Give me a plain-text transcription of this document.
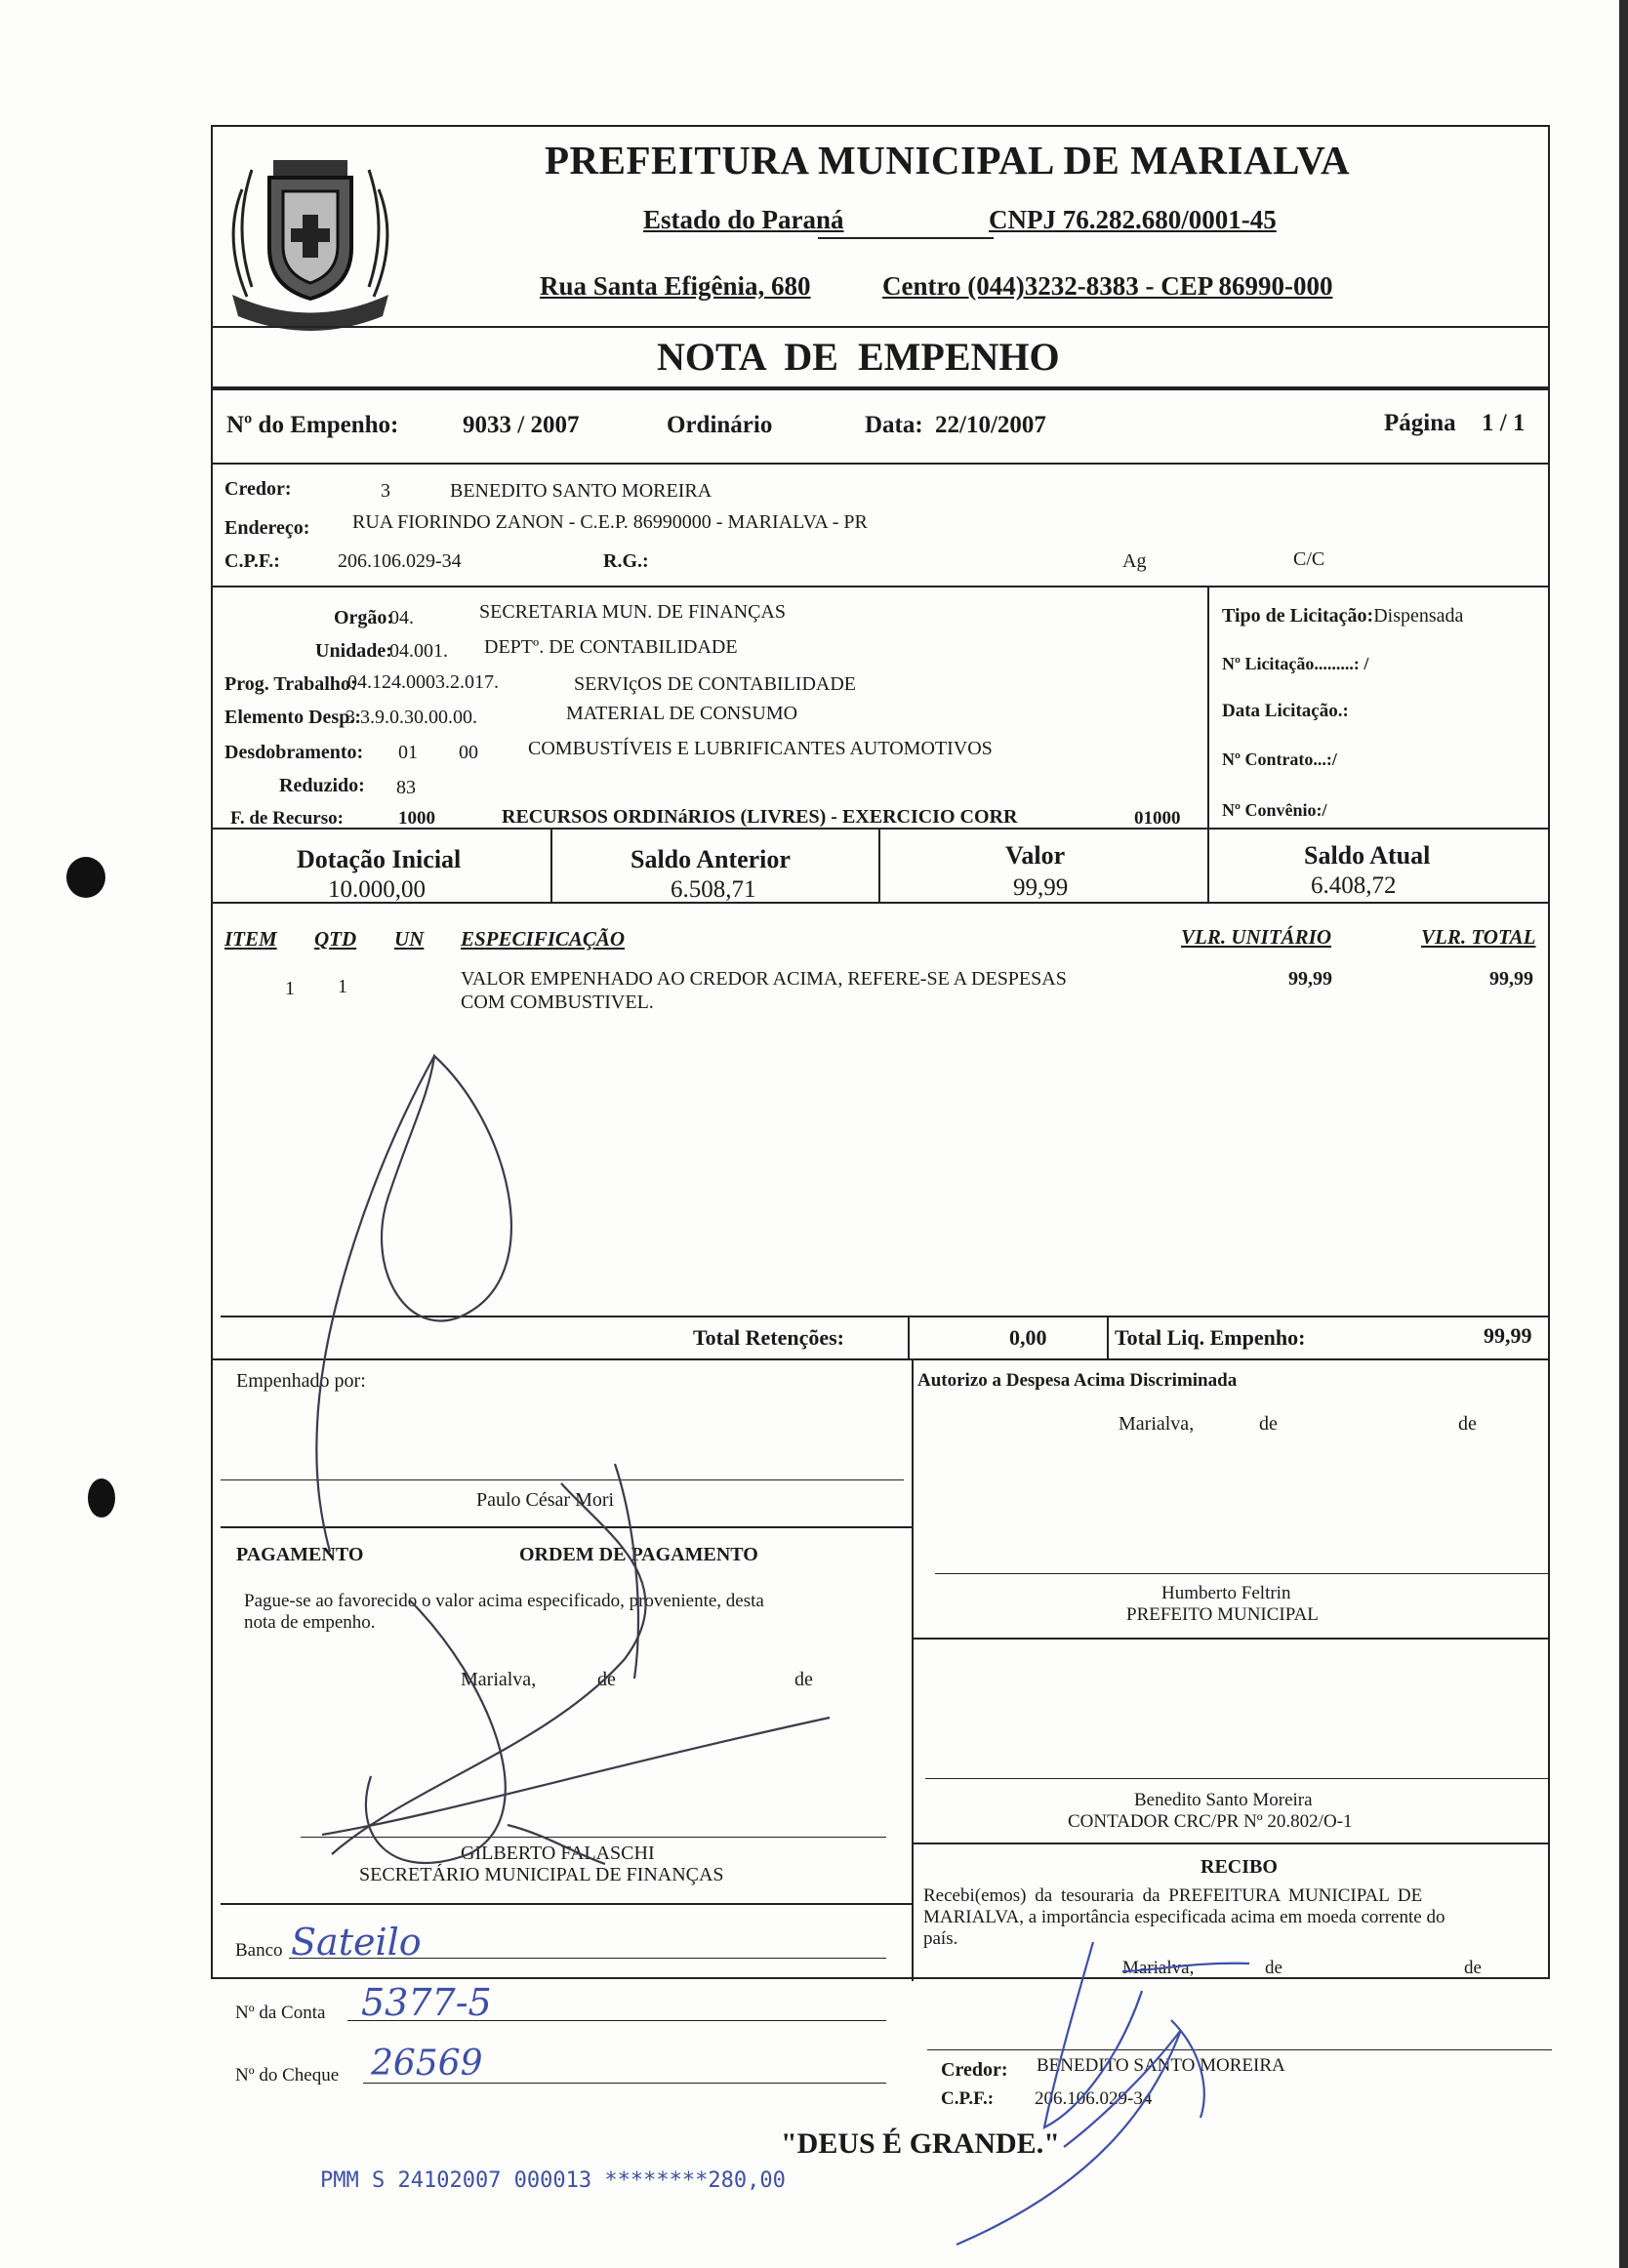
PREFEITURA MUNICIPAL DE MARIALVA
Estado do Paraná	CNPJ 76.282.680/0001-45
Rua Santa Efigênia, 680	Centro (044)3232-8383 - CEP 86990-000
NOTA DE EMPENHO
Nº do Empenho:	9033 / 2007	Ordinário	Data: 22/10/2007	Página 1 / 1
Credor:	3	BENEDITO SANTO MOREIRA
Endereço: RUA FIORINDO ZANON - C.E.P. 86990000 - MARIALVA - PR
C.P.F.:	206.106.029-34	R.G.:	Ag	C/C
Orgão:
04.	SECRETARIA MUN. DE FINANÇAS
Unidade:
04.001. DEPTº. DE CONTABILIDADE
Prog. Trabalho:
04.124.0003.2.017.	SERVIçOS DE CONTABILIDADE
Elemento Desp.:
3.3.9.0.30.00.00.	MATERIAL DE CONSUMO
Desdobramento: 01 00	COMBUSTÍVEIS E LUBRIFICANTES AUTOMOTIVOS
Reduzido: 83
F. de Recurso:	1000	RECURSOS ORDINáRIOS (LIVRES) - EXERCICIO CORR	01000
Tipo de Licitação:Dispensada
Nº Licitação.........: /
Data Licitação.:
Nº Contrato...:/
Nº Convênio:/
Dotação Inicial
10.000,00
Saldo Anterior
6.508,71
Valor
99,99
Saldo Atual
6.408,72
ITEM QTD UN ESPECIFICAÇÃO	VLR. UNITÁRIO	VLR. TOTAL
1 1	VALOR EMPENHADO AO CREDOR ACIMA, REFERE-SE A DESPESAS
COM COMBUSTIVEL.
99,99	99,99
Total Retenções:	0,00	Total Liq. Empenho:	99,99
Empenhado por:
Paulo César Mori
Autorizo a Despesa Acima Discriminada
Marialva,	de	de
Humberto Feltrin
PREFEITO MUNICIPAL
PAGAMENTO	ORDEM DE PAGAMENTO
Pague-se ao favorecido o valor acima especificado, proveniente, desta
nota de empenho.
Marialva,	de	de
GILBERTO FALASCHI
SECRETÁRIO MUNICIPAL DE FINANÇAS
Benedito Santo Moreira
CONTADOR CRC/PR Nº 20.802/O-1
RECIBO
Recebi(emos) da tesouraria da PREFEITURA MUNICIPAL DE
MARIALVA, a importância especificada acima em moeda corrente do
país.
Banco Sateilo
Nº da Conta 5377-5
Nº do Cheque 26569
Marialva,	de	de
Credor: BENEDITO SANTO MOREIRA
C.P.F.: 206.106.029-34
"DEUS É GRANDE."
PMM S 24102007 000013 ********280,00
